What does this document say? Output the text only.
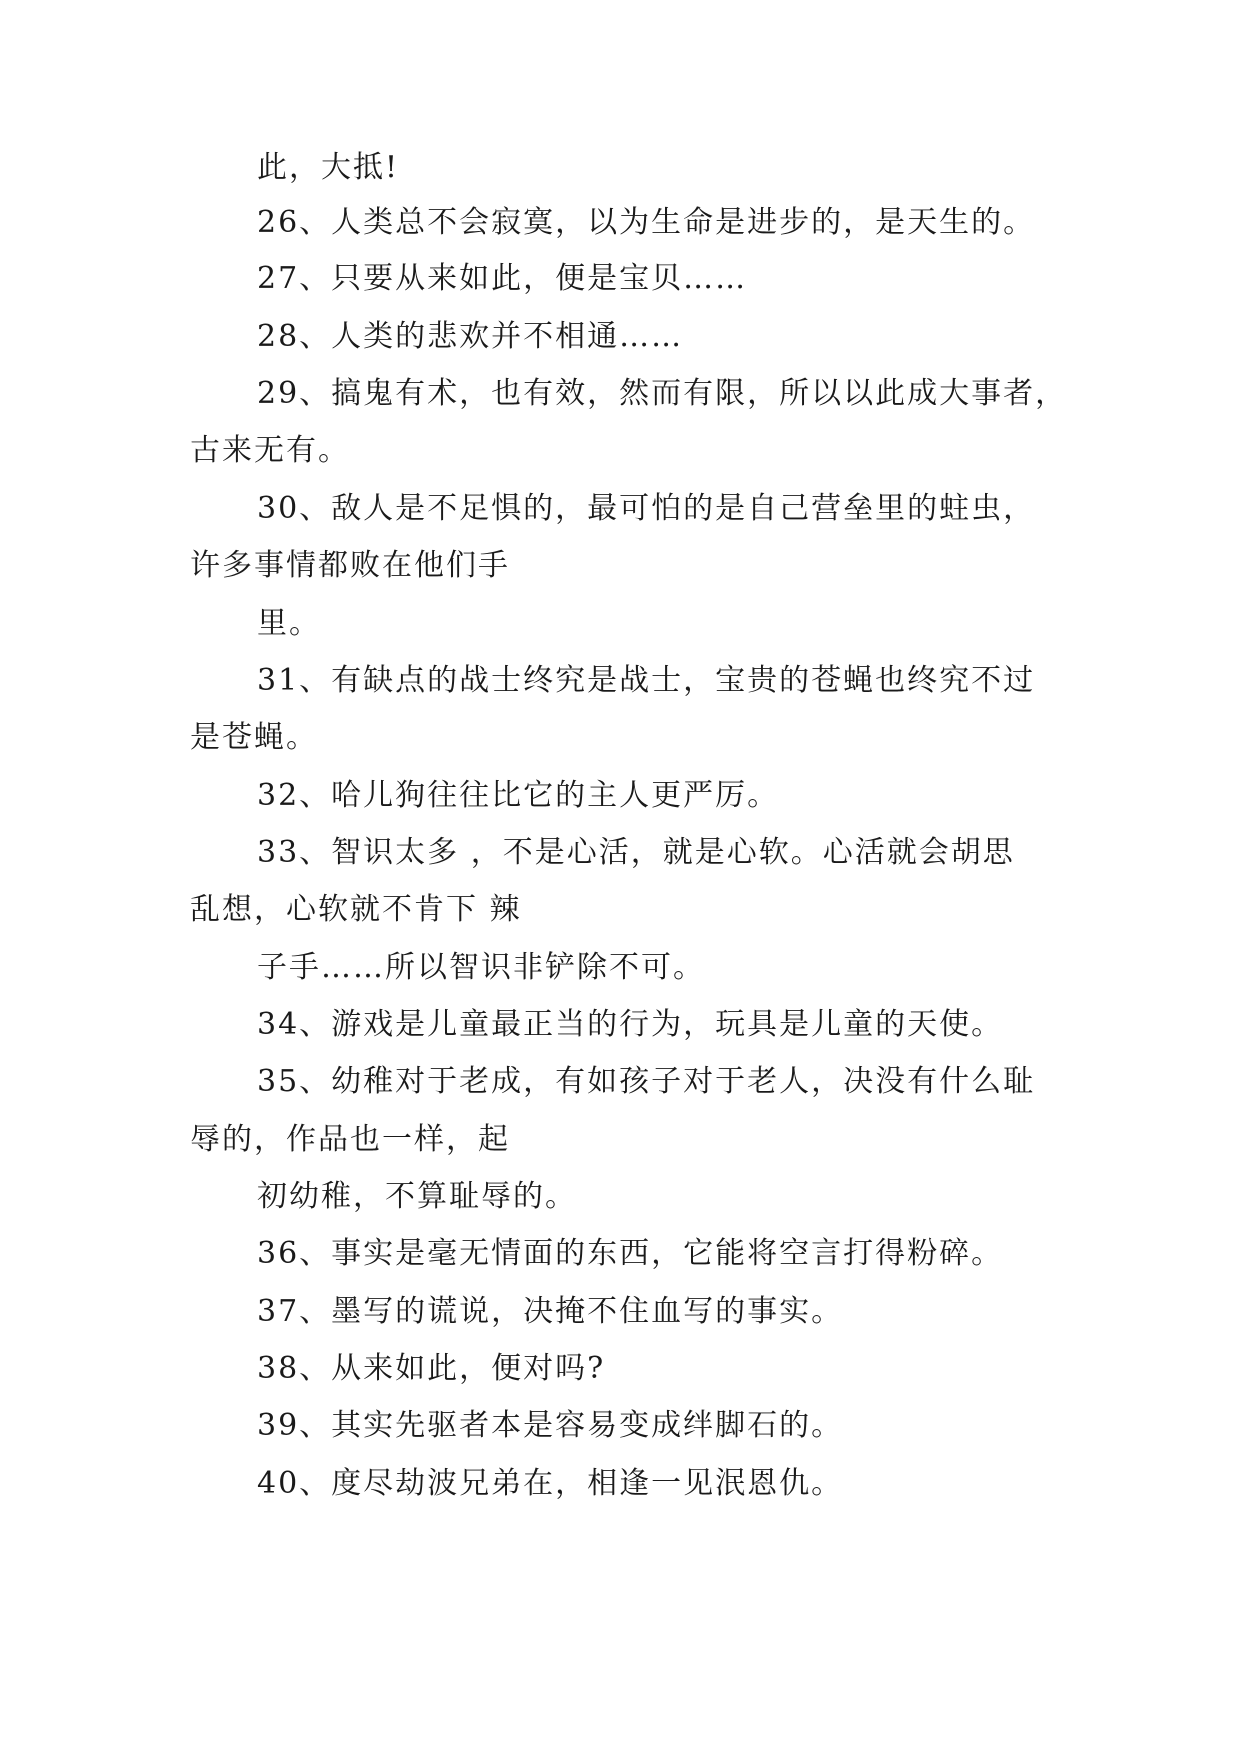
此，大抵!
26、人类总不会寂寞，以为生命是进步的，是天生的。
27、只要从来如此，便是宝贝……
28、人类的悲欢并不相通……
29、搞鬼有术，也有效，然而有限，所以以此成大事者，
古来无有。
30、敌人是不足惧的，最可怕的是自己营垒里的蛀虫，
许多事情都败在他们手
里。
31、有缺点的战士终究是战士，宝贵的苍蝇也终究不过
是苍蝇。
32、哈儿狗往往比它的主人更严厉。
33、智识太多 ，不是心活，就是心软。心活就会胡思
乱想，心软就不肯下 辣
子手……所以智识非铲除不可。
34、游戏是儿童最正当的行为，玩具是儿童的天使。
35、幼稚对于老成，有如孩子对于老人，决没有什么耻
辱的，作品也一样，起
初幼稚，不算耻辱的。
36、事实是毫无情面的东西，它能将空言打得粉碎。
37、墨写的谎说，决掩不住血写的事实。
38、从来如此，便对吗?
39、其实先驱者本是容易变成绊脚石的。
40、度尽劫波兄弟在，相逢一见泯恩仇。
